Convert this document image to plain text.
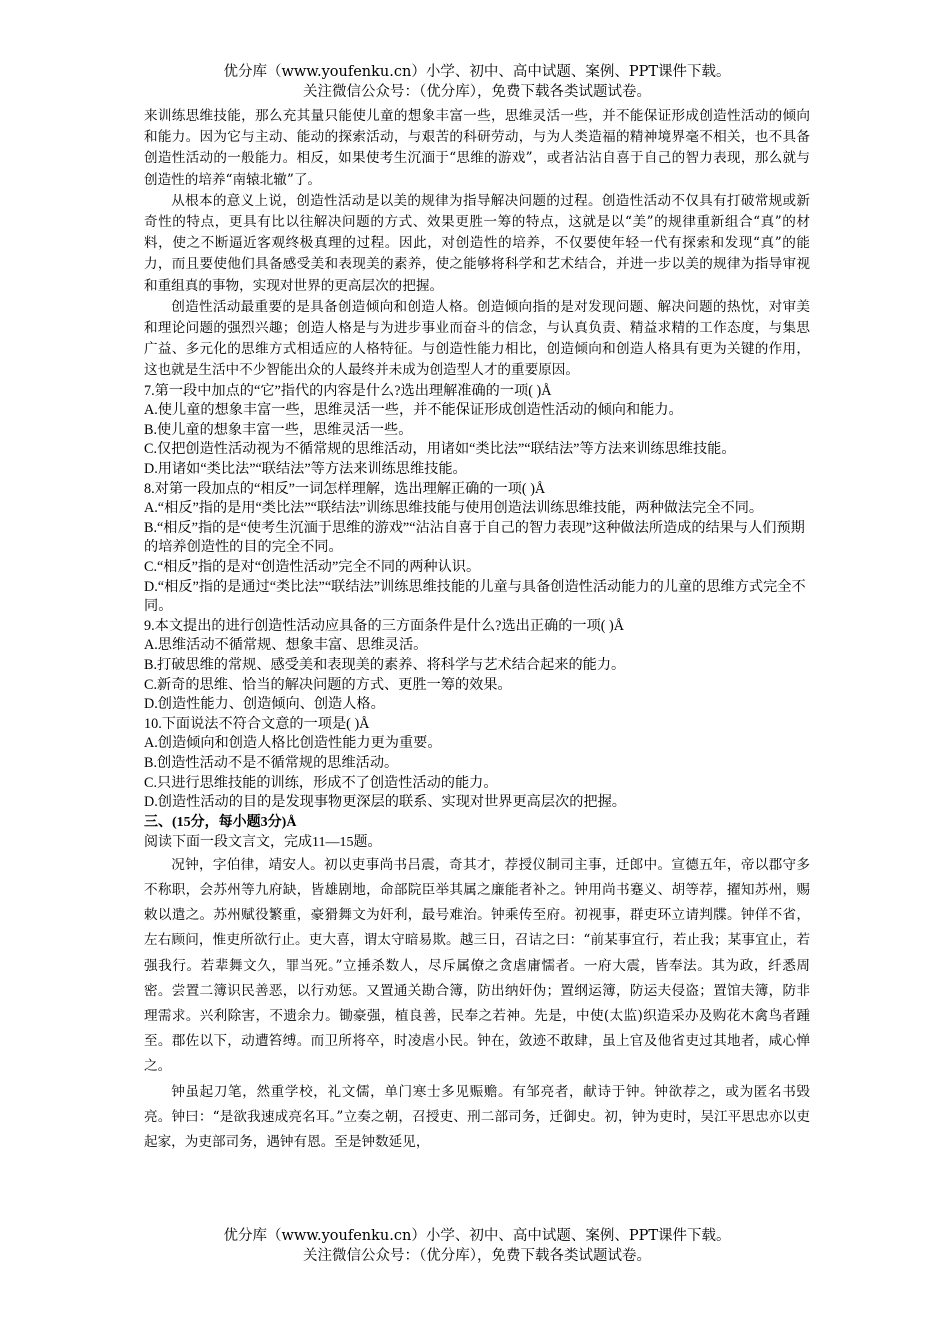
优分库（www.youfenku.cn）小学、初中、高中试题、案例、PPT课件下载。
关注微信公众号：（优分库），免费下载各类试题试卷。

来训练思维技能，那么充其量只能使儿童的想象丰富一些，思维灵活一些，并不能保证形成创造性活动的倾向和能力。因为它与主动、能动的探索活动，与艰苦的科研劳动，与为人类造福的精神境界毫不相关，也不具备创造性活动的一般能力。相反，如果使考生沉湎于“思维的游戏”，或者沾沾自喜于自己的智力表现，那么就与创造性的培养“南辕北辙”了。

从根本的意义上说，创造性活动是以美的规律为指导解决问题的过程。创造性活动不仅具有打破常规或新奇性的特点，更具有比以往解决问题的方式、效果更胜一筹的特点，这就是以“美”的规律重新组合“真”的材料，使之不断逼近客观终极真理的过程。因此，对创造性的培养，不仅要使年轻一代有探索和发现“真”的能力，而且要使他们具备感受美和表现美的素养，使之能够将科学和艺术结合，并进一步以美的规律为指导审视和重组真的事物，实现对世界的更高层次的把握。

创造性活动最重要的是具备创造倾向和创造人格。创造倾向指的是对发现问题、解决问题的热忱，对审美和理论问题的强烈兴趣；创造人格是与为进步事业而奋斗的信念，与认真负责、精益求精的工作态度，与集思广益、多元化的思维方式相适应的人格特征。与创造性能力相比，创造倾向和创造人格具有更为关键的作用，这也就是生活中不少智能出众的人最终并未成为创造型人才的重要原因。

7.第一段中加点的“它”指代的内容是什么?选出理解准确的一项( )Å

A.使儿童的想象丰富一些，思维灵活一些，并不能保证形成创造性活动的倾向和能力。

B.使儿童的想象丰富一些，思维灵活一些。

C.仅把创造性活动视为不循常规的思维活动，用诸如“类比法”“联结法”等方法来训练思维技能。

D.用诸如“类比法”“联结法”等方法来训练思维技能。

8.对第一段加点的“相反”一词怎样理解，选出理解正确的一项( )Å

A.“相反”指的是用“类比法”“联结法”训练思维技能与使用创造法训练思维技能，两种做法完全不同。

B.“相反”指的是“使考生沉湎于思维的游戏”“沾沾自喜于自己的智力表现”这种做法所造成的结果与人们预期的培养创造性的目的完全不同。

C.“相反”指的是对“创造性活动”完全不同的两种认识。

D.“相反”指的是通过“类比法”“联结法”训练思维技能的儿童与具备创造性活动能力的儿童的思维方式完全不同。

9.本文提出的进行创造性活动应具备的三方面条件是什么?选出正确的一项( )Å

A.思维活动不循常规、想象丰富、思维灵活。

B.打破思维的常规、感受美和表现美的素养、将科学与艺术结合起来的能力。

C.新奇的思维、恰当的解决问题的方式、更胜一筹的效果。

D.创造性能力、创造倾向、创造人格。

10.下面说法不符合文意的一项是( )Å

A.创造倾向和创造人格比创造性能力更为重要。

B.创造性活动不是不循常规的思维活动。

C.只进行思维技能的训练，形成不了创造性活动的能力。

D.创造性活动的目的是发现事物更深层的联系、实现对世界更高层次的把握。

三、(15分，每小题3分)Å

阅读下面一段文言文，完成11—15题。

况钟，字伯律，靖安人。初以吏事尚书吕震，奇其才，荐授仪制司主事，迁郎中。宣德五年，帝以郡守多不称职，会苏州等九府缺，皆雄剧地，命部院臣举其属之廉能者补之。钟用尚书蹇义、胡等荐，擢知苏州，赐敕以遣之。苏州赋役繁重，豪猾舞文为奸利，最号难治。钟乘传至府。初视事，群吏环立请判牒。钟佯不省，左右顾问，惟吏所欲行止。吏大喜，谓太守暗易欺。越三日，召诘之曰：“前某事宜行，若止我；某事宜止，若强我行。若辈舞文久，罪当死。”立捶杀数人，尽斥属僚之贪虐庸懦者。一府大震，皆奉法。其为政，纤悉周密。尝置二簿识民善恶，以行劝惩。又置通关勘合簿，防出纳奸伪；置纲运簿，防运夫侵盗；置馆夫簿，防非理需求。兴利除害，不遗余力。锄豪强，植良善，民奉之若神。先是，中使(太监)织造采办及购花木禽鸟者踵至。郡佐以下，动遭笞缚。而卫所将卒，时凌虐小民。钟在，敛迹不敢肆，虽上官及他省吏过其地者，咸心惮之。

钟虽起刀笔，然重学校，礼文儒，单门寒士多见赈赡。有邹亮者，献诗于钟。钟欲荐之，或为匿名书毁亮。钟曰：“是欲我速成亮名耳。”立奏之朝，召授吏、刑二部司务，迁御史。初，钟为吏时，吴江平思忠亦以吏起家，为吏部司务，遇钟有恩。至是钟数延见，

优分库（www.youfenku.cn）小学、初中、高中试题、案例、PPT课件下载。
关注微信公众号：（优分库），免费下载各类试题试卷。
